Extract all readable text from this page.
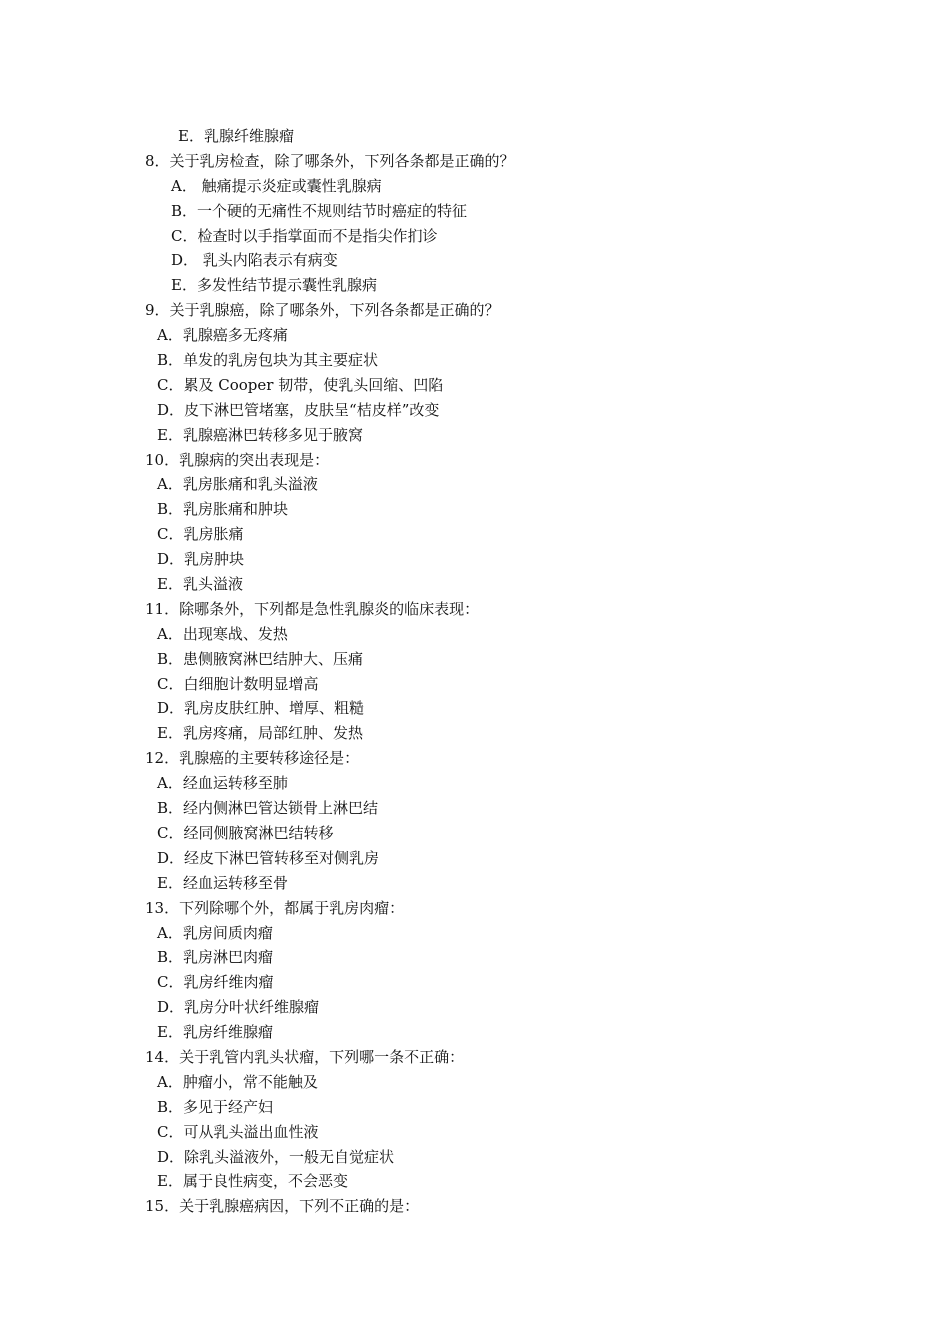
E．乳腺纤维腺瘤
8．关于乳房检查，除了哪条外，下列各条都是正确的？
A． 触痛提示炎症或囊性乳腺病
B．一个硬的无痛性不规则结节时癌症的特征
C．检查时以手指掌面而不是指尖作扪诊
D． 乳头内陷表示有病变
E．多发性结节提示囊性乳腺病
9．关于乳腺癌，除了哪条外，下列各条都是正确的？
A．乳腺癌多无疼痛
B．单发的乳房包块为其主要症状
C．累及 Cooper 韧带，使乳头回缩、凹陷
D．皮下淋巴管堵塞，皮肤呈“桔皮样”改变
E．乳腺癌淋巴转移多见于腋窝
10．乳腺病的突出表现是：
A．乳房胀痛和乳头溢液
B．乳房胀痛和肿块
C．乳房胀痛
D．乳房肿块
E．乳头溢液
11．除哪条外，下列都是急性乳腺炎的临床表现：
A．出现寒战、发热
B．患侧腋窝淋巴结肿大、压痛
C．白细胞计数明显增高
D．乳房皮肤红肿、增厚、粗糙
E．乳房疼痛，局部红肿、发热
12．乳腺癌的主要转移途径是：
A．经血运转移至肺
B．经内侧淋巴管达锁骨上淋巴结
C．经同侧腋窝淋巴结转移
D．经皮下淋巴管转移至对侧乳房
E．经血运转移至骨
13．下列除哪个外，都属于乳房肉瘤：
A．乳房间质肉瘤
B．乳房淋巴肉瘤
C．乳房纤维肉瘤
D．乳房分叶状纤维腺瘤
E．乳房纤维腺瘤
14．关于乳管内乳头状瘤，下列哪一条不正确：
A．肿瘤小，常不能触及
B．多见于经产妇
C．可从乳头溢出血性液
D．除乳头溢液外，一般无自觉症状
E．属于良性病变，不会恶变
15．关于乳腺癌病因，下列不正确的是：
